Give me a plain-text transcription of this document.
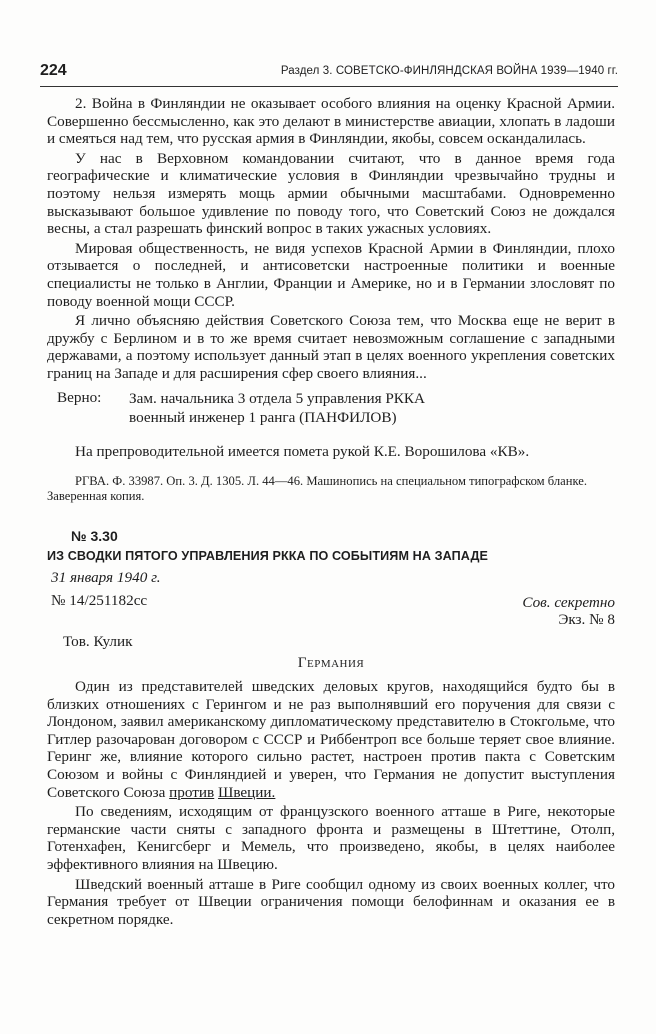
224	Раздел 3. СОВЕТСКО-ФИНЛЯНДСКАЯ ВОЙНА 1939—1940 гг.

2. Война в Финляндии не оказывает особого влияния на оценку Красной Армии. Совершенно бессмысленно, как это делают в министерстве авиации, хлопать в ладоши и смеяться над тем, что русская армия в Финляндии, якобы, совсем оскандалилась.

У нас в Верховном командовании считают, что в данное время года географические и климатические условия в Финляндии чрезвычайно трудны и поэтому нельзя измерять мощь армии обычными масштабами. Одновременно высказывают большое удивление по поводу того, что Советский Союз не дождался весны, а стал разрешать финский вопрос в таких ужасных условиях.

Мировая общественность, не видя успехов Красной Армии в Финляндии, плохо отзывается о последней, и антисоветски настроенные политики и военные специалисты не только в Англии, Франции и Америке, но и в Германии злословят по поводу военной мощи СССР.

Я лично объясняю действия Советского Союза тем, что Москва еще не верит в дружбу с Берлином и в то же время считает невозможным соглашение с западными державами, а поэтому использует данный этап в целях военного укрепления советских границ на Западе и для расширения сфер своего влияния...

Верно:	Зам. начальника 3 отдела 5 управления РККА
военный инженер 1 ранга (ПАНФИЛОВ)

На препроводительной имеется помета рукой К.Е. Ворошилова «КВ».

РГВА. Ф. 33987. Оп. 3. Д. 1305. Л. 44—46. Машинопись на специальном типографском бланке. Заверенная копия.

№ 3.30
ИЗ СВОДКИ ПЯТОГО УПРАВЛЕНИЯ РККА ПО СОБЫТИЯМ НА ЗАПАДЕ
31 января 1940 г.
№ 14/251182сс	Сов. секретно
Экз. № 8
Тов. Кулик
Германия

Один из представителей шведских деловых кругов, находящийся будто бы в близких отношениях с Герингом и не раз выполнявший его поручения для связи с Лондоном, заявил американскому дипломатическому представителю в Стокгольме, что Гитлер разочарован договором с СССР и Риббентроп все больше теряет свое влияние. Геринг же, влияние которого сильно растет, настроен против пакта с Советским Союзом и войны с Финляндией и уверен, что Германия не допустит выступления Советского Союза против Швеции.

По сведениям, исходящим от французского военного атташе в Риге, некоторые германские части сняты с западного фронта и размещены в Штеттине, Отолп, Готенхафен, Кенигсберг и Мемель, что произведено, якобы, в целях наиболее эффективного влияния на Швецию.

Шведский военный атташе в Риге сообщил одному из своих военных коллег, что Германия требует от Швеции ограничения помощи белофиннам и оказания ее в секретном порядке.
